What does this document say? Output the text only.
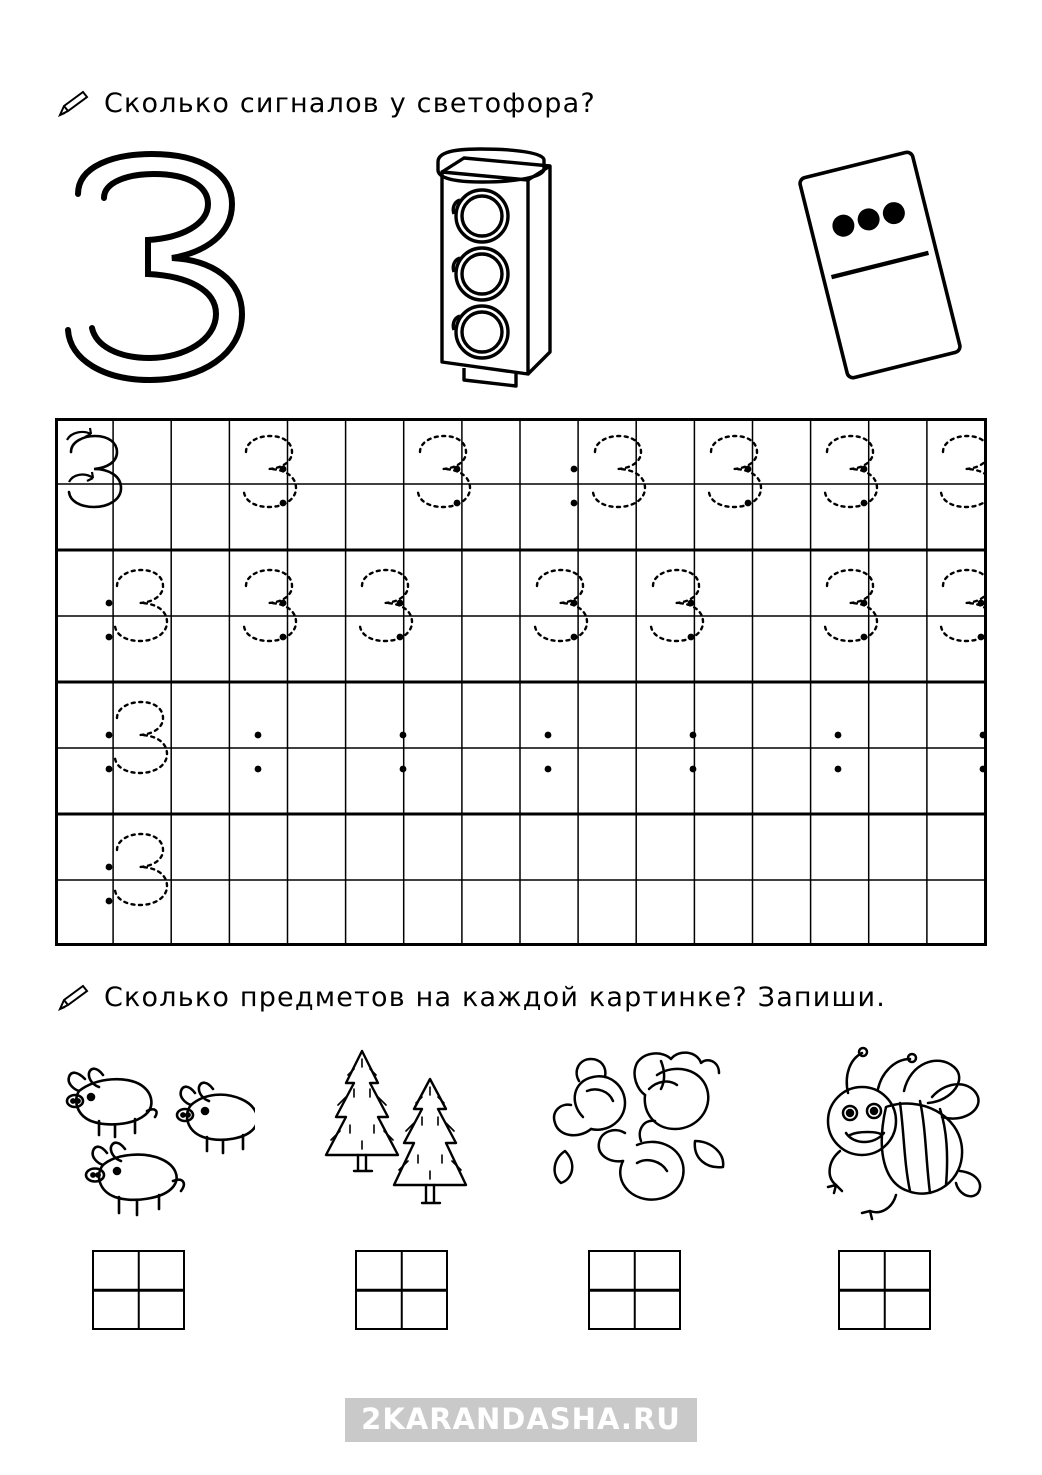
Сколько сигналов у светофора?
Сколько предметов на каждой картинке? Запиши.
2KARANDASHA.RU
